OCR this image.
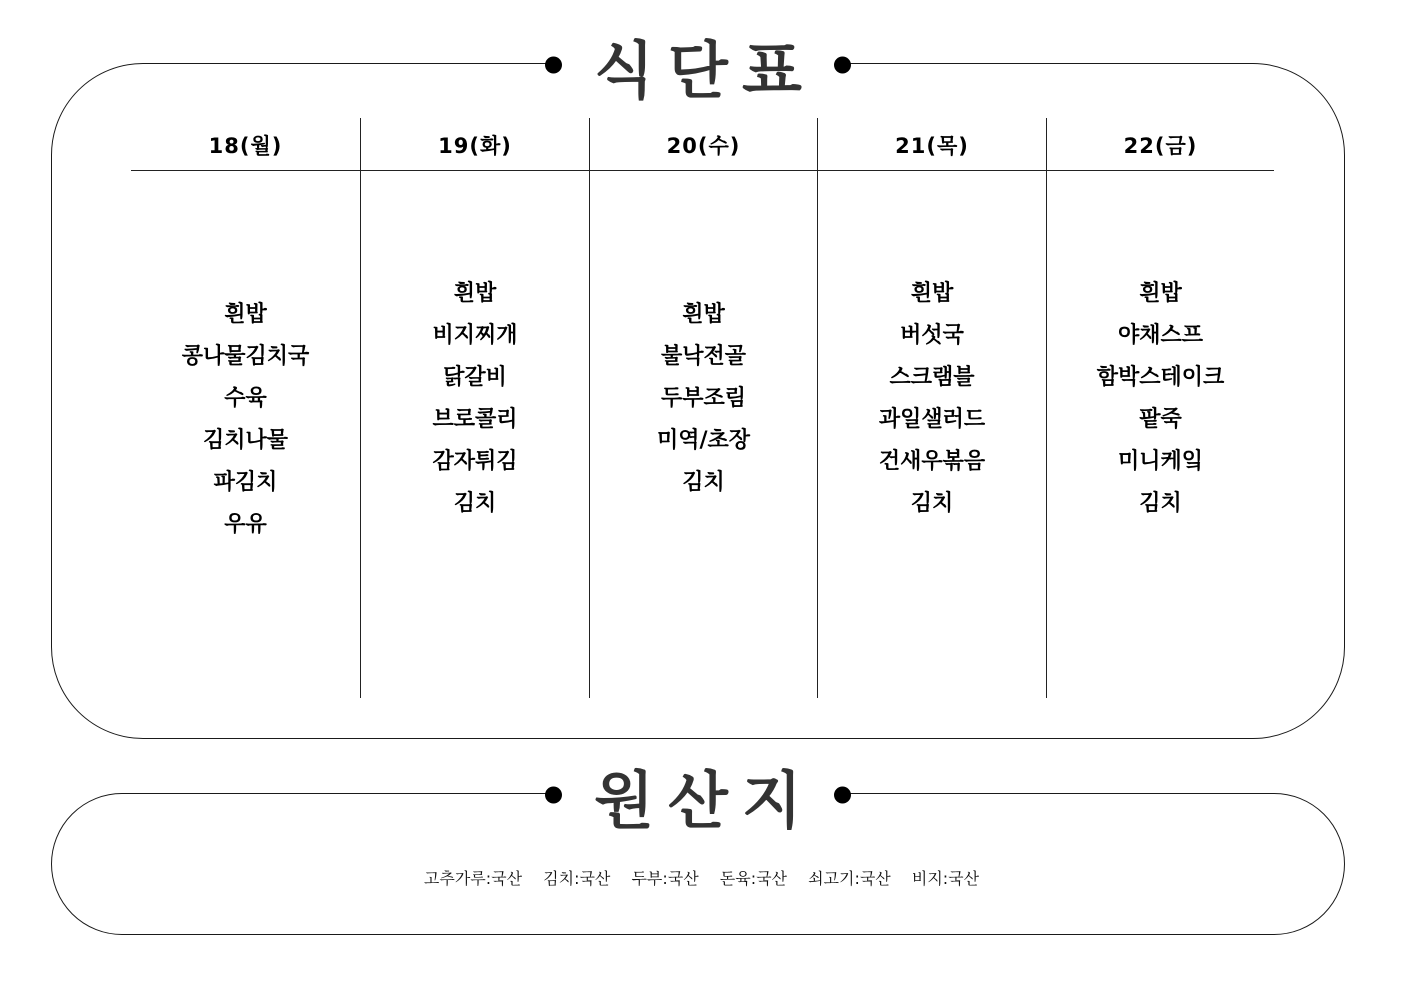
식단표
18(월)
흰밥
콩나물김치국
수육
김치나물
파김치
우유
19(화)
흰밥
비지찌개
닭갈비
브로콜리
감자튀김
김치
20(수)
흰밥
불낙전골
두부조림
미역/초장
김치
21(목)
흰밥
버섯국
스크램블
과일샐러드
건새우볶음
김치
22(금)
흰밥
야채스프
함박스테이크
팥죽
미니케잌
김치
원산지
고추가루:국산 김치:국산 두부:국산 돈육:국산 쇠고기:국산 비지:국산
